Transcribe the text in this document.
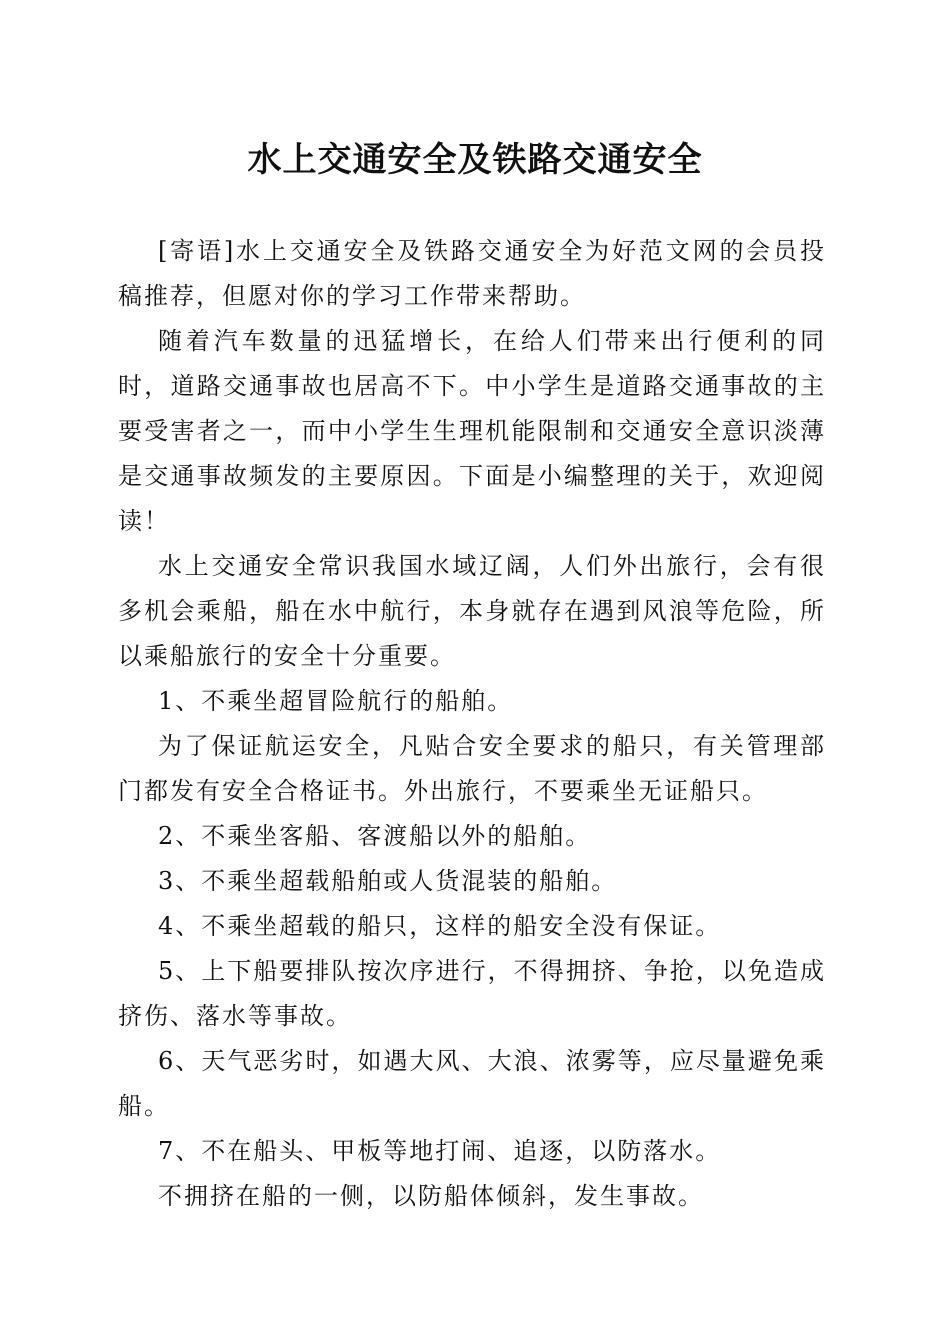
水上交通安全及铁路交通安全

[寄语]水上交通安全及铁路交通安全为好范文网的会员投稿推荐，但愿对你的学习工作带来帮助。

随着汽车数量的迅猛增长，在给人们带来出行便利的同时，道路交通事故也居高不下。中小学生是道路交通事故的主要受害者之一，而中小学生生理机能限制和交通安全意识淡薄是交通事故频发的主要原因。下面是小编整理的关于，欢迎阅读！

水上交通安全常识我国水域辽阔，人们外出旅行，会有很多机会乘船，船在水中航行，本身就存在遇到风浪等危险，所以乘船旅行的安全十分重要。

1、不乘坐超冒险航行的船舶。

为了保证航运安全，凡贴合安全要求的船只，有关管理部门都发有安全合格证书。外出旅行，不要乘坐无证船只。

2、不乘坐客船、客渡船以外的船舶。

3、不乘坐超载船舶或人货混装的船舶。

4、不乘坐超载的船只，这样的船安全没有保证。

5、上下船要排队按次序进行，不得拥挤、争抢，以免造成挤伤、落水等事故。

6、天气恶劣时，如遇大风、大浪、浓雾等，应尽量避免乘船。

7、不在船头、甲板等地打闹、追逐，以防落水。

不拥挤在船的一侧，以防船体倾斜，发生事故。
